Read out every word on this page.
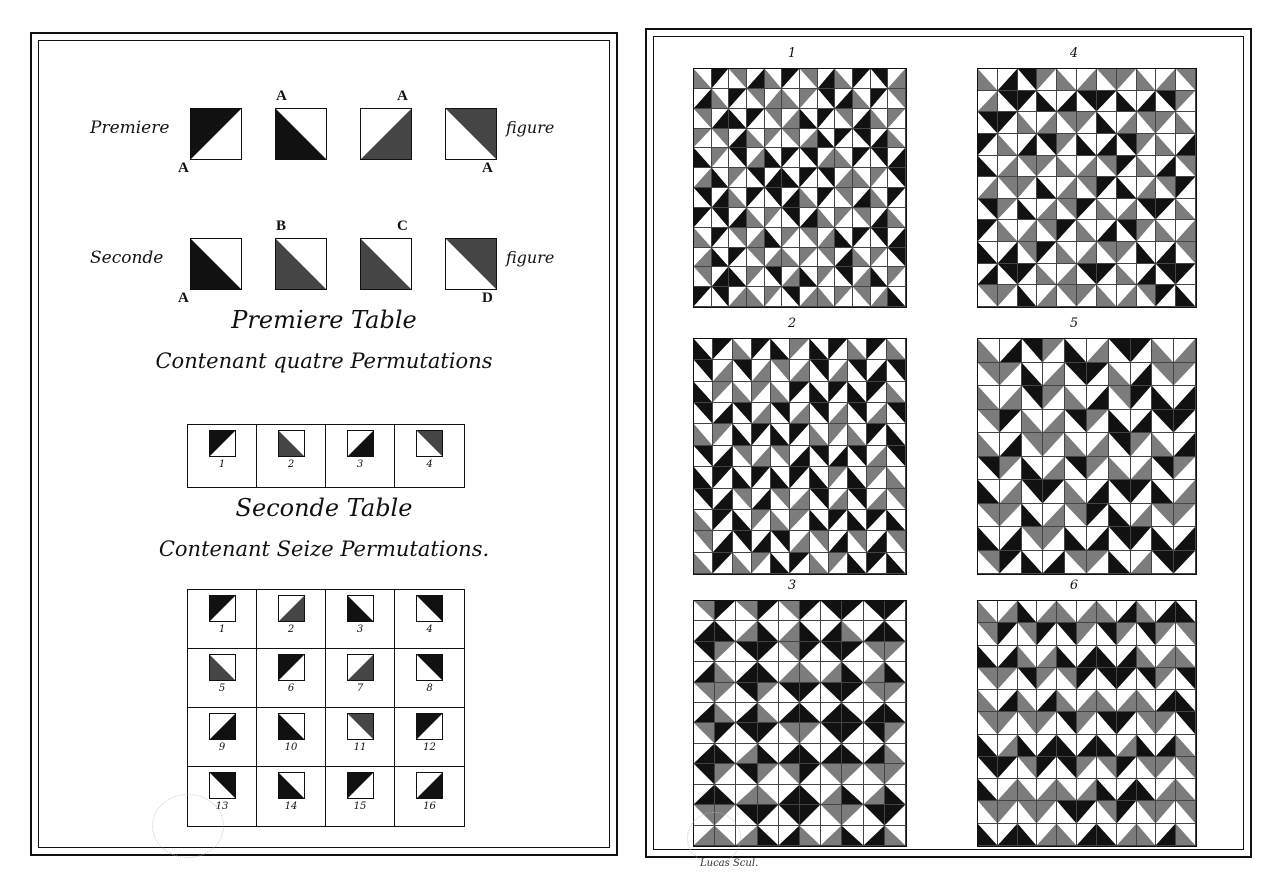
Premiere
A
A	A
A
figure
Seconde
A
B	C
D
figure
Premiere Table
Contenant quatre Permutations
1	2	3	4
Seconde Table
Contenant Seize Permutations.
1	2	3	4
5	6	7	8
9	10	11	12
13	14	15	16
1	4
2	5
3	6
Lucas Scul.
